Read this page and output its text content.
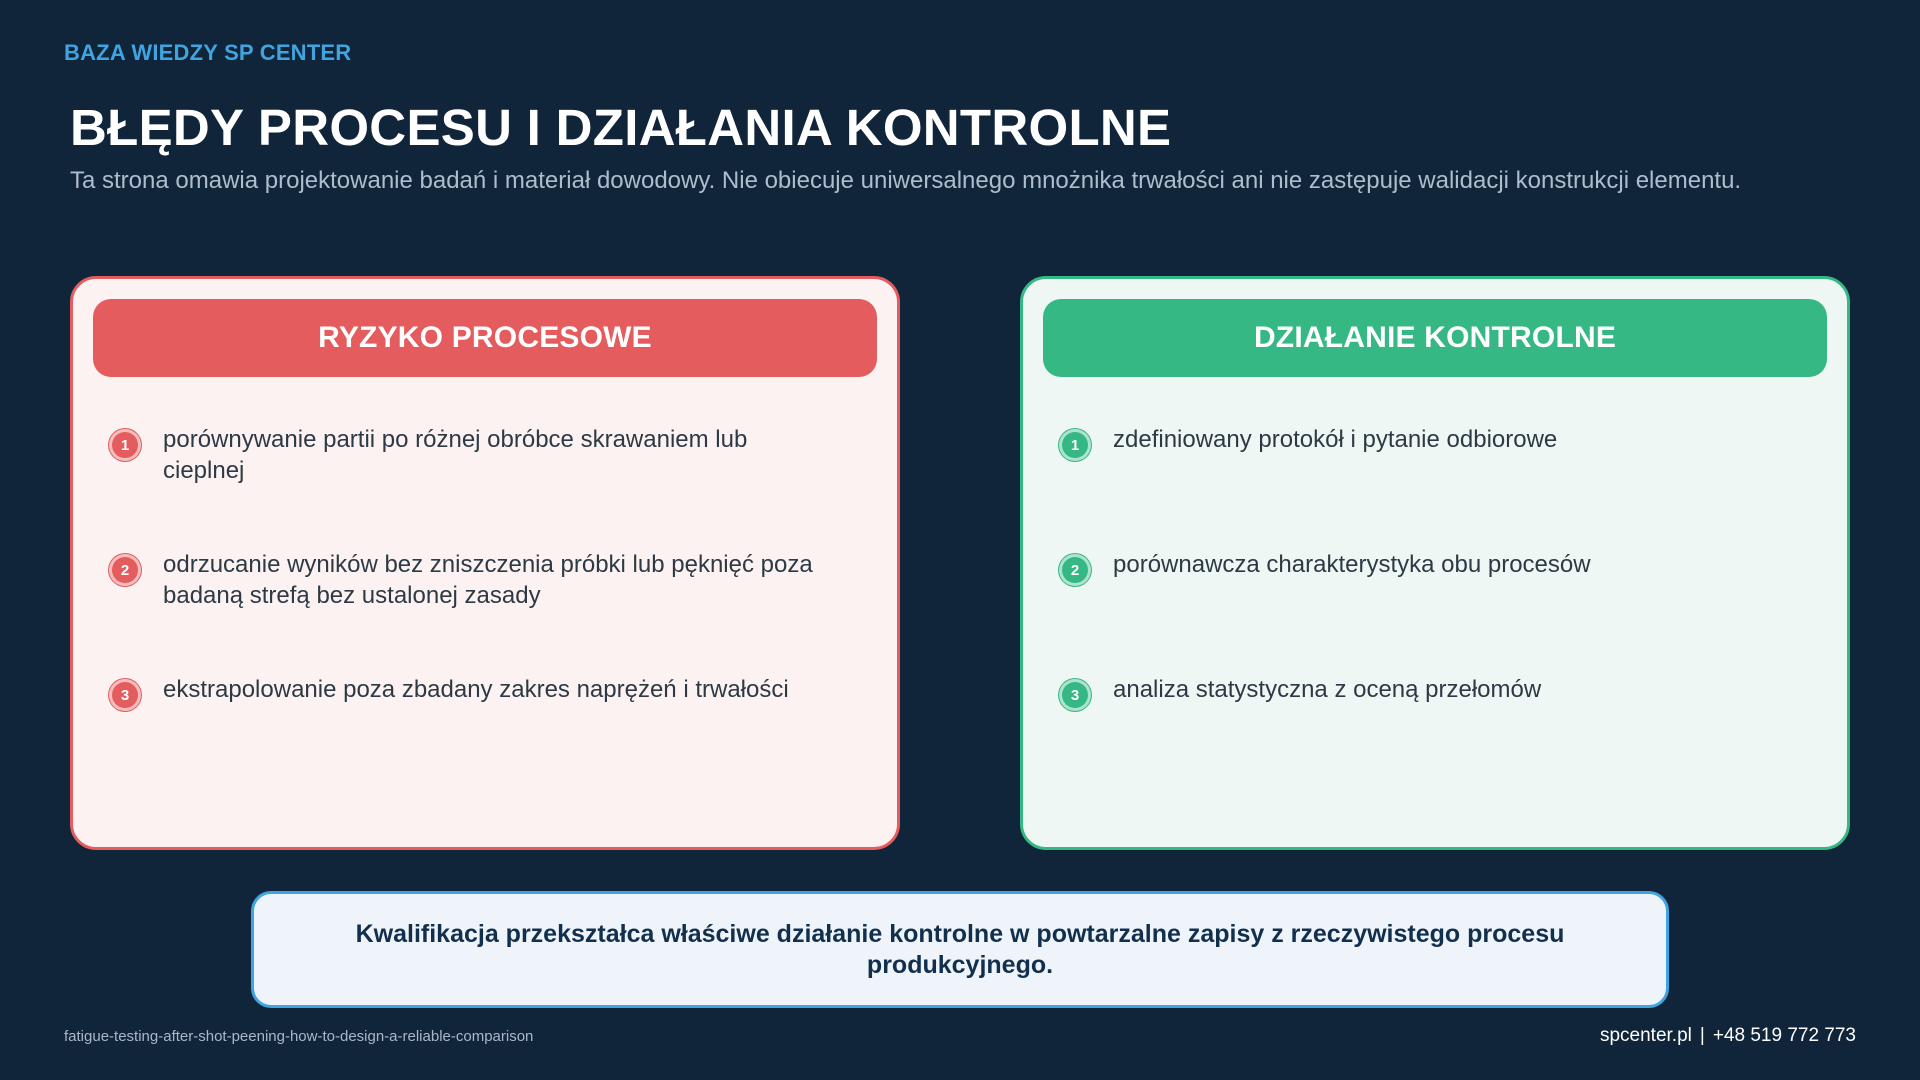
BAZA WIEDZY SP CENTER
BŁĘDY PROCESU I DZIAŁANIA KONTROLNE

Ta strona omawia projektowanie badań i materiał dowodowy. Nie obiecuje uniwersalnego mnożnika trwałości ani nie zastępuje walidacji konstrukcji elementu.

RYZYKO PROCESOWE
1	porównywanie partii po różnej obróbce skrawaniem lub cieplnej
2	odrzucanie wyników bez zniszczenia próbki lub pęknięć poza badaną strefą bez ustalonej zasady
3	ekstrapolowanie poza zbadany zakres naprężeń i trwałości
DZIAŁANIE KONTROLNE
1	zdefiniowany protokół i pytanie odbiorowe
2	porównawcza charakterystyka obu procesów
3	analiza statystyczna z oceną przełomów
Kwalifikacja przekształca właściwe działanie kontrolne w powtarzalne zapisy z rzeczywistego procesu produkcyjnego.
fatigue-testing-after-shot-peening-how-to-design-a-reliable-comparison	spcenter.pl | +48 519 772 773
